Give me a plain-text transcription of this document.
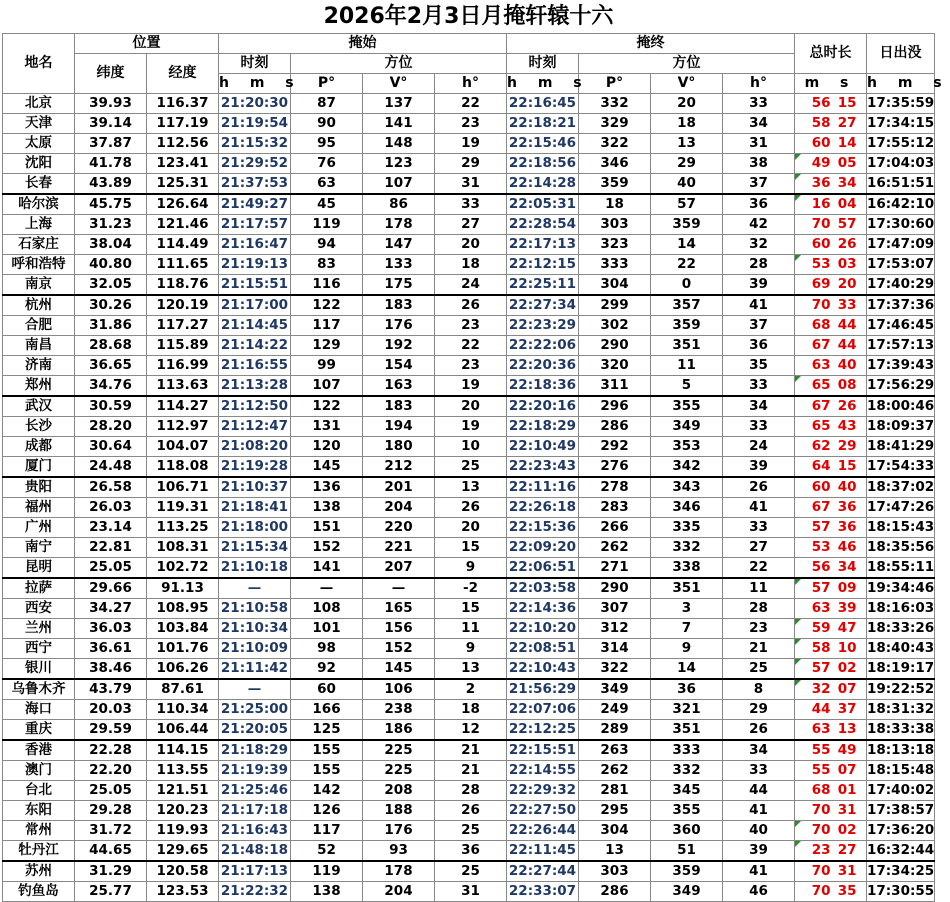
2026年2月3日月掩轩辕十六
地名	位置		掩始				掩终				总时长	日出没
	纬度	经度	时刻	方位			时刻	方位				
			h m s	P°	V°	h°	h m s	P°	V°	h°	m s	h m s
北京	39.93	116.37	21:20:30	87	137	22	22:16:45	332	20	33	56 15	17:35:59
天津	39.14	117.19	21:19:54	90	141	23	22:18:21	329	18	34	58 27	17:34:15
太原	37.87	112.56	21:15:32	95	148	19	22:15:46	322	13	31	60 14	17:55:12
沈阳	41.78	123.41	21:29:52	76	123	29	22:18:56	346	29	38	49 05	17:04:03
长春	43.89	125.31	21:37:53	63	107	31	22:14:28	359	40	37	36 34	16:51:51
哈尔滨	45.75	126.64	21:49:27	45	86	33	22:05:31	18	57	36	16 04	16:42:10
上海	31.23	121.46	21:17:57	119	178	27	22:28:54	303	359	42	70 57	17:30:60
石家庄	38.04	114.49	21:16:47	94	147	20	22:17:13	323	14	32	60 26	17:47:09
呼和浩特	40.80	111.65	21:19:13	83	133	18	22:12:15	333	22	28	53 03	17:53:07
南京	32.05	118.76	21:15:51	116	175	24	22:25:11	304	0	39	69 20	17:40:29
杭州	30.26	120.19	21:17:00	122	183	26	22:27:34	299	357	41	70 33	17:37:36
合肥	31.86	117.27	21:14:45	117	176	23	22:23:29	302	359	37	68 44	17:46:45
南昌	28.68	115.89	21:14:22	129	192	22	22:22:06	290	351	36	67 44	17:57:13
济南	36.65	116.99	21:16:55	99	154	23	22:20:36	320	11	35	63 40	17:39:43
郑州	34.76	113.63	21:13:28	107	163	19	22:18:36	311	5	33	65 08	17:56:29
武汉	30.59	114.27	21:12:50	122	183	20	22:20:16	296	355	34	67 26	18:00:46
长沙	28.20	112.97	21:12:47	131	194	19	22:18:29	286	349	33	65 43	18:09:37
成都	30.64	104.07	21:08:20	120	180	10	22:10:49	292	353	24	62 29	18:41:29
厦门	24.48	118.08	21:19:28	145	212	25	22:23:43	276	342	39	64 15	17:54:33
贵阳	26.58	106.71	21:10:37	136	201	13	22:11:16	278	343	26	60 40	18:37:02
福州	26.03	119.31	21:18:41	138	204	26	22:26:18	283	346	41	67 36	17:47:26
广州	23.14	113.25	21:18:00	151	220	20	22:15:36	266	335	33	57 36	18:15:43
南宁	22.81	108.31	21:15:34	152	221	15	22:09:20	262	332	27	53 46	18:35:56
昆明	25.05	102.72	21:10:18	141	207	9	22:06:51	271	338	22	56 34	18:55:11
拉萨	29.66	91.13	—	—	—	-2	22:03:58	290	351	11	57 09	19:34:46
西安	34.27	108.95	21:10:58	108	165	15	22:14:36	307	3	28	63 39	18:16:03
兰州	36.03	103.84	21:10:34	101	156	11	22:10:20	312	7	23	59 47	18:33:26
西宁	36.61	101.76	21:10:09	98	152	9	22:08:51	314	9	21	58 10	18:40:43
银川	38.46	106.26	21:11:42	92	145	13	22:10:43	322	14	25	57 02	18:19:17
乌鲁木齐	43.79	87.61	—	60	106	2	21:56:29	349	36	8	32 07	19:22:52
海口	20.03	110.34	21:25:00	166	238	18	22:07:06	249	321	29	44 37	18:31:32
重庆	29.59	106.44	21:20:05	125	186	12	22:12:25	289	351	26	63 13	18:33:38
香港	22.28	114.15	21:18:29	155	225	21	22:15:51	263	333	34	55 49	18:13:18
澳门	22.20	113.55	21:19:39	155	225	21	22:14:55	262	332	33	55 07	18:15:48
台北	25.05	121.51	21:25:46	142	208	28	22:29:32	281	345	44	68 01	17:40:02
东阳	29.28	120.23	21:17:18	126	188	26	22:27:50	295	355	41	70 31	17:38:57
常州	31.72	119.93	21:16:43	117	176	25	22:26:44	304	360	40	70 02	17:36:20
牡丹江	44.65	129.65	21:48:18	52	93	36	22:11:45	13	51	39	23 27	16:32:44
苏州	31.29	120.58	21:17:13	119	178	25	22:27:44	303	359	41	70 31	17:34:25
钓鱼岛	25.77	123.53	21:22:32	138	204	31	22:33:07	286	349	46	70 35	17:30:55
